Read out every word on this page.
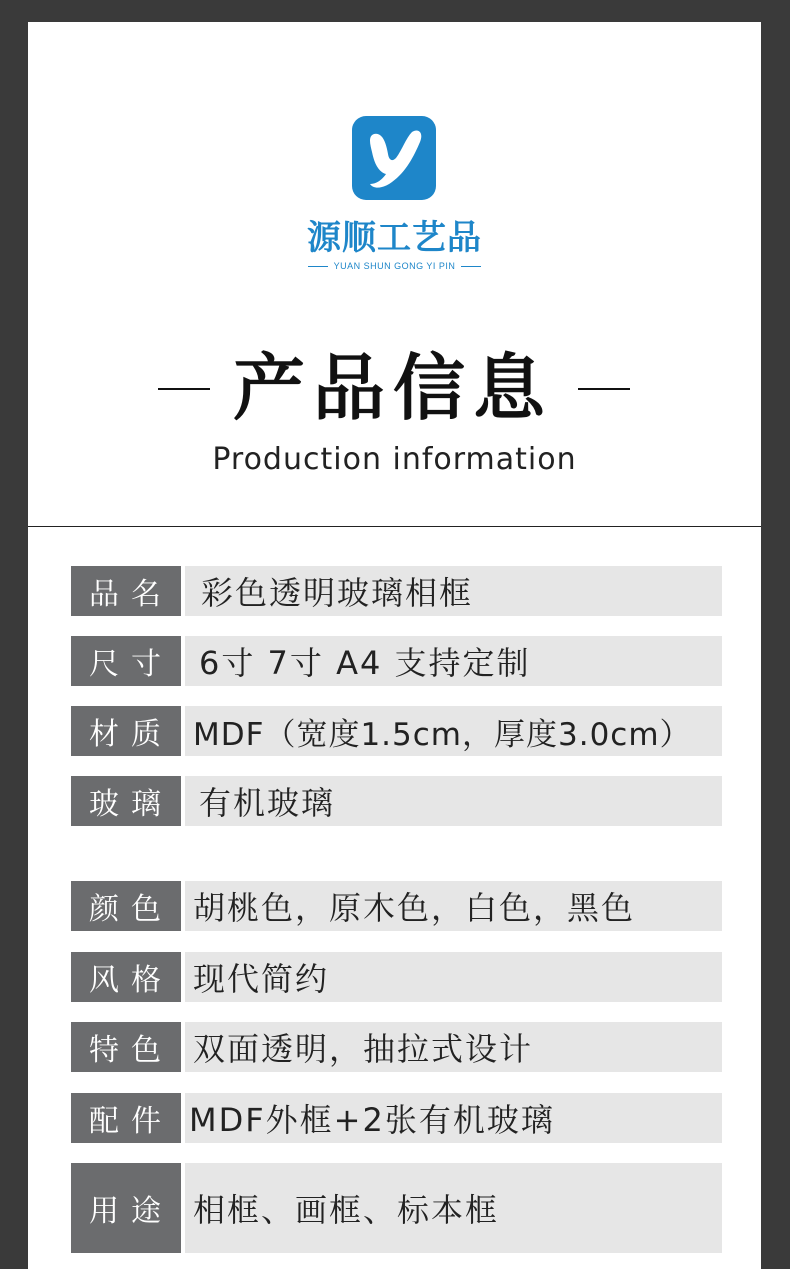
源顺工艺品
YUAN SHUN GONG YI PIN
产品信息
Production information
品名 彩色透明玻璃相框
尺寸 6寸 7寸 A4 支持定制
材质 MDF（宽度1.5cm，厚度3.0cm）
玻璃 有机玻璃
颜色 胡桃色，原木色，白色，黑色
风格 现代简约
特色 双面透明，抽拉式设计
配件 MDF外框+2张有机玻璃
用途 相框、画框、标本框
